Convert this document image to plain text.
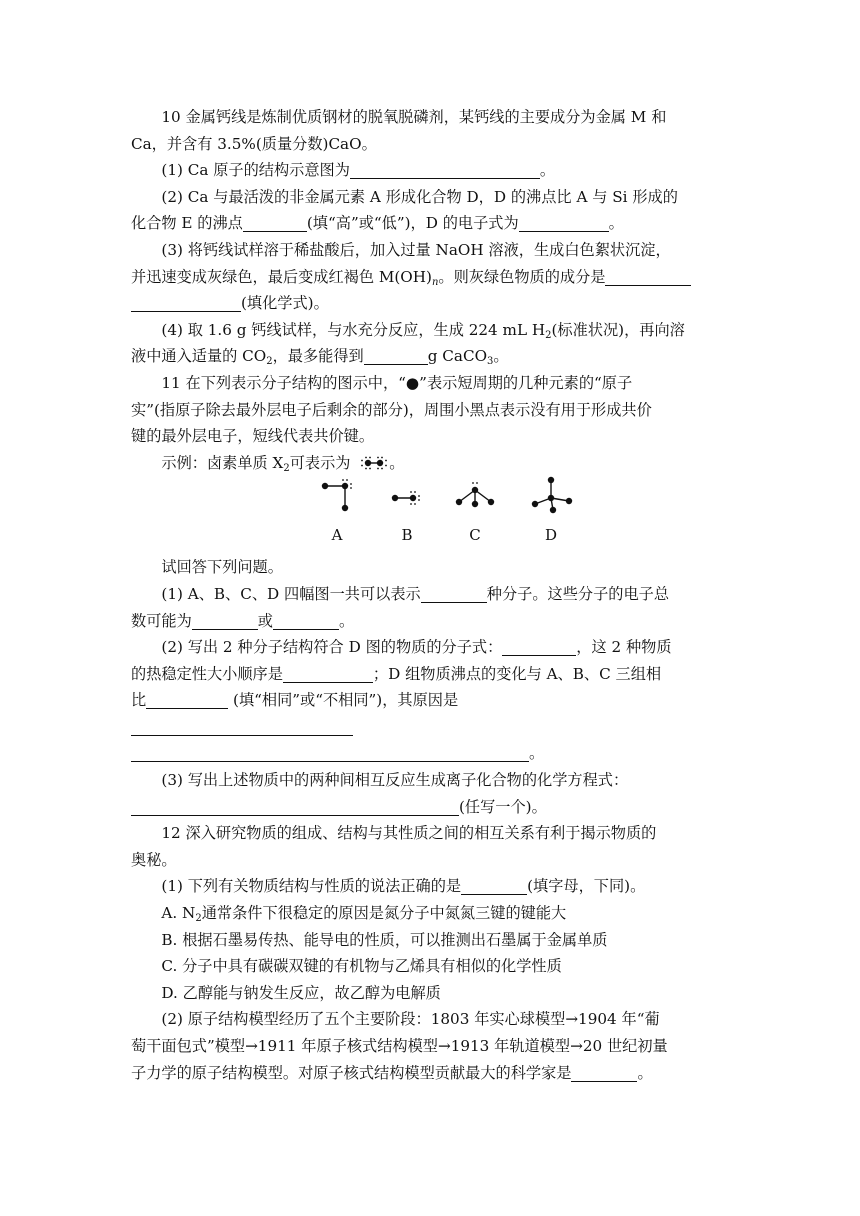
10 金属钙线是炼制优质钢材的脱氧脱磷剂，某钙线的主要成分为金属 M 和

Ca，并含有 3.5%(质量分数)CaO。

(1) Ca 原子的结构示意图为	。

(2) Ca 与最活泼的非金属元素 A 形成化合物 D，D 的沸点比 A 与 Si 形成的

化合物 E 的沸点	(填“高”或“低”)，D 的电子式为	。

(3) 将钙线试样溶于稀盐酸后，加入过量 NaOH 溶液，生成白色絮状沉淀，

并迅速变成灰绿色，最后变成红褐色 $M(OH)_n$。则灰绿色物质的成分是

(填化学式)。

(4) 取 1.6 g 钙线试样，与水充分反应，生成 224 mL $H_2$(标准状况)，再向溶

液中通入适量的 $CO_2$，最多能得到	g CaCO$_3$。

11 在下列表示分子结构的图示中，“●”表示短周期的几种元素的“原子

实”(指原子除去最外层电子后剩余的部分)，周围小黑点表示没有用于形成共价

键的最外层电子，短线代表共价键。

示例：卤素单质 $X_2$可表示为	。

A	B	C	D

试回答下列问题。

(1) A、B、C、D 四幅图一共可以表示	种分子。这些分子的电子总

数可能为	或	。

(2) 写出 2 种分子结构符合 D 图的物质的分子式：	，这 2 种物质

的热稳定性大小顺序是	；D 组物质沸点的变化与 A、B、C 三组相

比	(填“相同”或“不相同”)，其原因是

。

(3) 写出上述物质中的两种间相互反应生成离子化合物的化学方程式：

(任写一个)。

12 深入研究物质的组成、结构与其性质之间的相互关系有利于揭示物质的

奥秘。

(1) 下列有关物质结构与性质的说法正确的是	(填字母，下同)。

A. $N_2$通常条件下很稳定的原因是氮分子中氮氮三键的键能大

B. 根据石墨易传热、能导电的性质，可以推测出石墨属于金属单质

C. 分子中具有碳碳双键的有机物与乙烯具有相似的化学性质

D. 乙醇能与钠发生反应，故乙醇为电解质

(2) 原子结构模型经历了五个主要阶段：1803 年实心球模型→1904 年“葡

萄干面包式”模型→1911 年原子核式结构模型→1913 年轨道模型→20 世纪初量

子力学的原子结构模型。对原子核式结构模型贡献最大的科学家是	。
